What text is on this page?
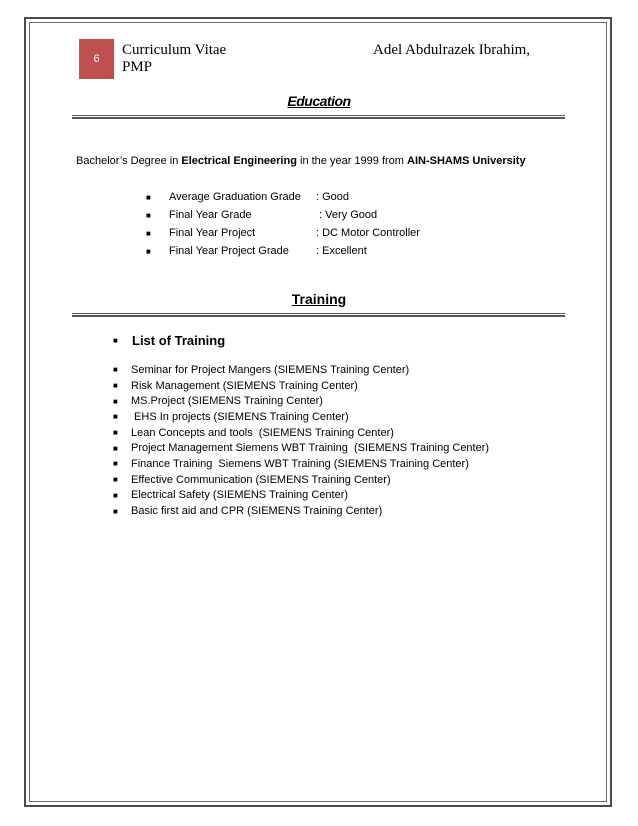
6
Curriculum Vitae
PMP
Adel Abdulrazek Ibrahim,
Education
Bachelor’s Degree in Electrical Engineering in the year 1999 from AIN-SHAMS University
■	Average Graduation Grade	: Good
■	Final Year Grade	: Very Good
■	Final Year Project	: DC Motor Controller
■	Final Year Project Grade	: Excellent
Training
■	List of Training
■	Seminar for Project Mangers (SIEMENS Training Center)
■	Risk Management (SIEMENS Training Center)
■	MS.Project (SIEMENS Training Center)
■	EHS In projects (SIEMENS Training Center)
■	Lean Concepts and tools  (SIEMENS Training Center)
■	Project Management Siemens WBT Training  (SIEMENS Training Center)
■	Finance Training  Siemens WBT Training (SIEMENS Training Center)
■	Effective Communication (SIEMENS Training Center)
■	Electrical Safety (SIEMENS Training Center)
■	Basic first aid and CPR (SIEMENS Training Center)
